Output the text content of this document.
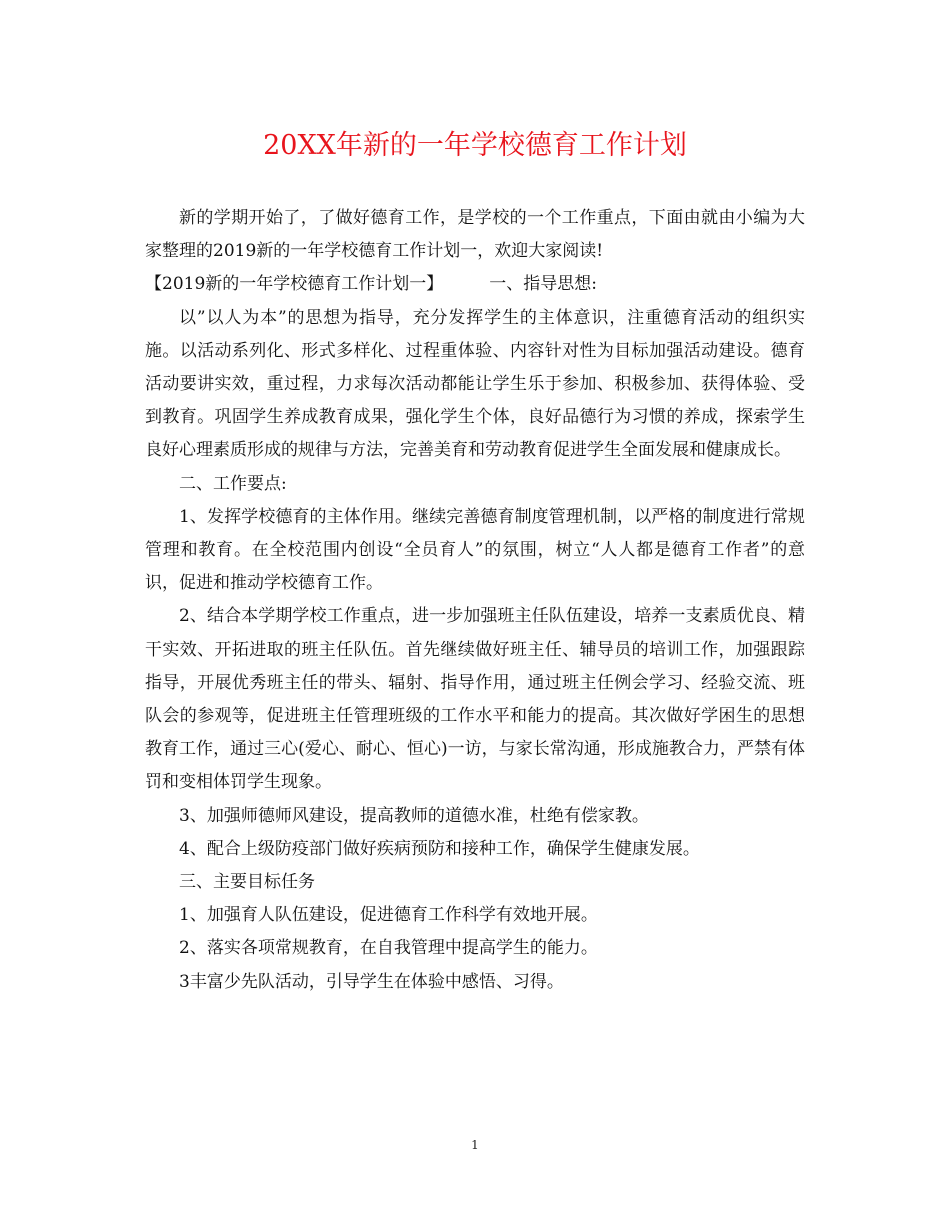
20XX年新的一年学校德育工作计划

新的学期开始了，了做好德育工作，是学校的一个工作重点，下面由就由小编为大家整理的2019新的一年学校德育工作计划一，欢迎大家阅读!

【2019新的一年学校德育工作计划一】	一、指导思想:

以”以人为本”的思想为指导，充分发挥学生的主体意识，注重德育活动的组织实施。以活动系列化、形式多样化、过程重体验、内容针对性为目标加强活动建设。德育活动要讲实效，重过程，力求每次活动都能让学生乐于参加、积极参加、获得体验、受到教育。巩固学生养成教育成果，强化学生个体，良好品德行为习惯的养成，探索学生良好心理素质形成的规律与方法，完善美育和劳动教育促进学生全面发展和健康成长。

二、工作要点:

1、发挥学校德育的主体作用。继续完善德育制度管理机制，以严格的制度进行常规管理和教育。在全校范围内创设“全员育人”的氛围，树立“人人都是德育工作者”的意识，促进和推动学校德育工作。

2、结合本学期学校工作重点，进一步加强班主任队伍建设，培养一支素质优良、精干实效、开拓进取的班主任队伍。首先继续做好班主任、辅导员的培训工作，加强跟踪指导，开展优秀班主任的带头、辐射、指导作用，通过班主任例会学习、经验交流、班队会的参观等，促进班主任管理班级的工作水平和能力的提高。其次做好学困生的思想教育工作，通过三心(爱心、耐心、恒心)一访，与家长常沟通，形成施教合力，严禁有体罚和变相体罚学生现象。

3、加强师德师风建设，提高教师的道德水准，杜绝有偿家教。

4、配合上级防疫部门做好疾病预防和接种工作，确保学生健康发展。

三、主要目标任务

1、加强育人队伍建设，促进德育工作科学有效地开展。

2、落实各项常规教育，在自我管理中提高学生的能力。

3丰富少先队活动，引导学生在体验中感悟、习得。

1
